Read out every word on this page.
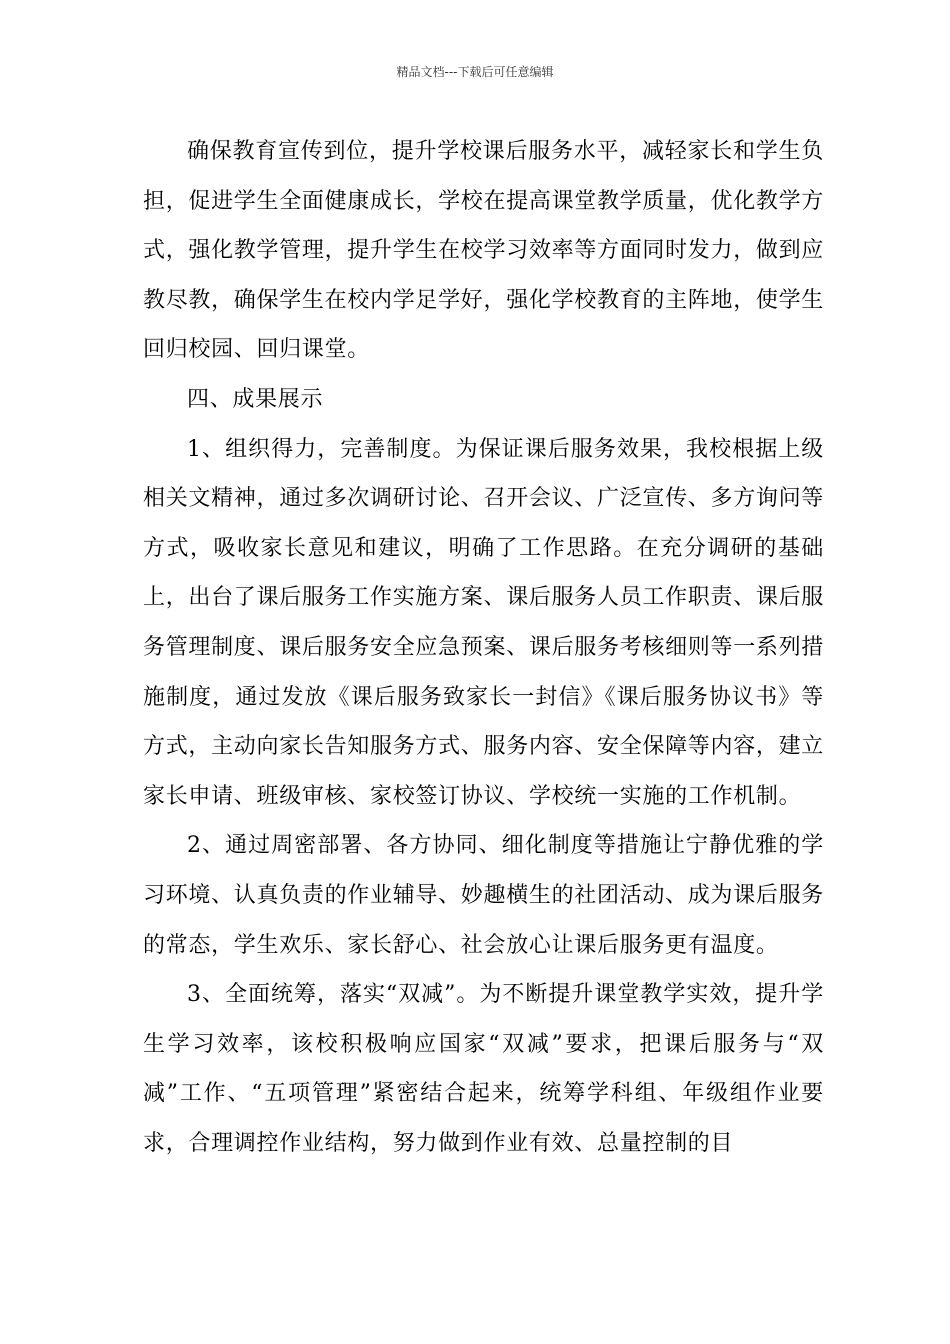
精品文档---下载后可任意编辑

确保教育宣传到位，提升学校课后服务水平，减轻家长和学生负担，促进学生全面健康成长，学校在提高课堂教学质量，优化教学方式，强化教学管理，提升学生在校学习效率等方面同时发力，做到应教尽教，确保学生在校内学足学好，强化学校教育的主阵地，使学生回归校园、回归课堂。

四、成果展示

1、组织得力，完善制度。为保证课后服务效果，我校根据上级相关文精神，通过多次调研讨论、召开会议、广泛宣传、多方询问等方式，吸收家长意见和建议，明确了工作思路。在充分调研的基础上，出台了课后服务工作实施方案、课后服务人员工作职责、课后服务管理制度、课后服务安全应急预案、课后服务考核细则等一系列措施制度，通过发放《课后服务致家长一封信》《课后服务协议书》等方式，主动向家长告知服务方式、服务内容、安全保障等内容，建立家长申请、班级审核、家校签订协议、学校统一实施的工作机制。

2、通过周密部署、各方协同、细化制度等措施让宁静优雅的学习环境、认真负责的作业辅导、妙趣横生的社团活动、成为课后服务的常态，学生欢乐、家长舒心、社会放心让课后服务更有温度。

3、全面统筹，落实“双减”。为不断提升课堂教学实效，提升学生学习效率，该校积极响应国家“双减”要求，把课后服务与“双减”工作、“五项管理”紧密结合起来，统筹学科组、年级组作业要求，合理调控作业结构，努力做到作业有效、总量控制的目
